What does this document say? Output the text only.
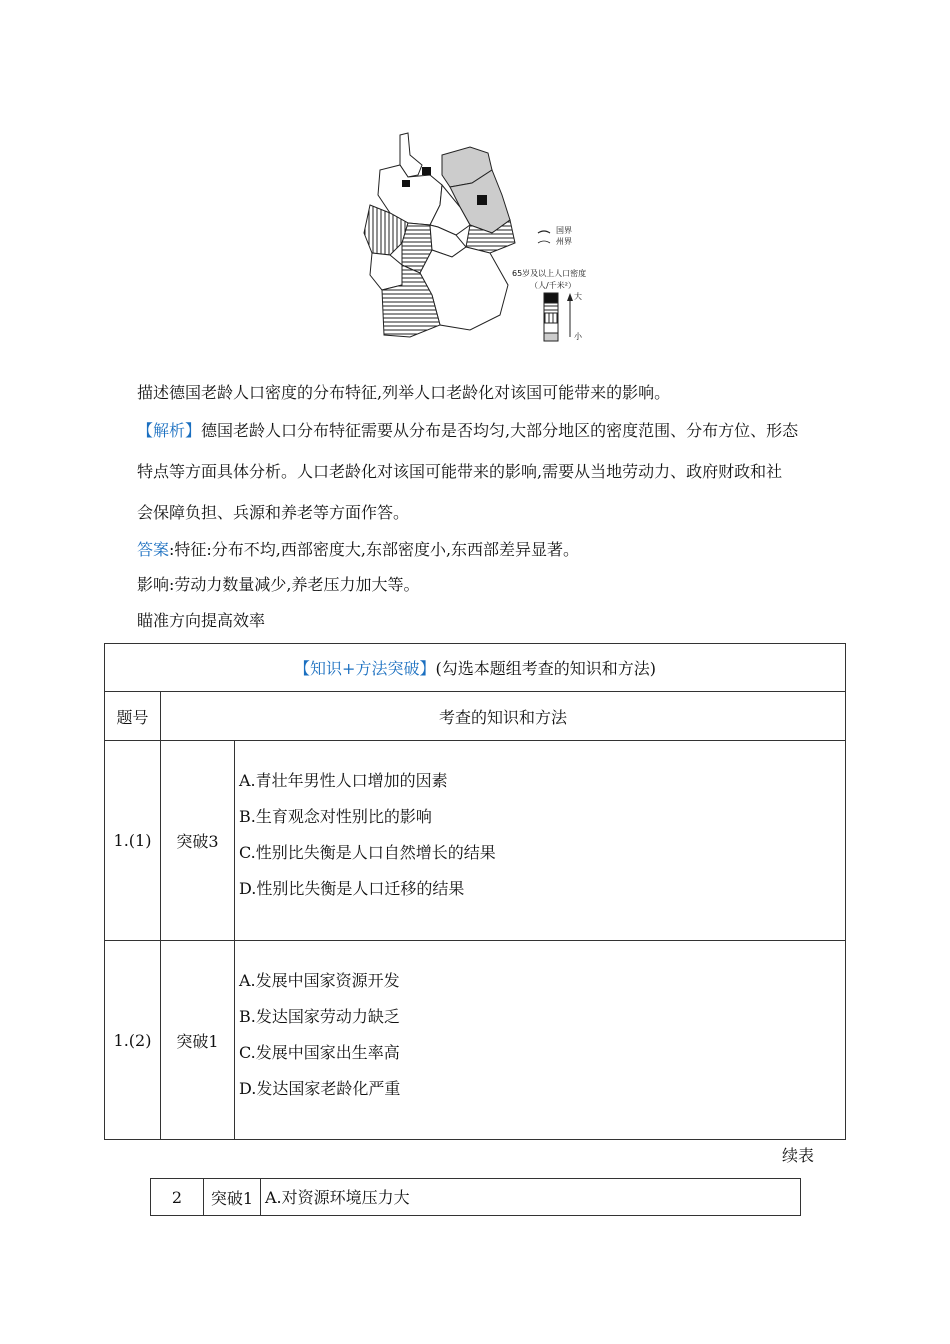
国界
州界
65岁及以上人口密度
（人/千米²）
大
小
描述德国老龄人口密度的分布特征,列举人口老龄化对该国可能带来的影响。
【解析】德国老龄人口分布特征需要从分布是否均匀,大部分地区的密度范围、分布方位、形态
特点等方面具体分析。人口老龄化对该国可能带来的影响,需要从当地劳动力、政府财政和社
会保障负担、兵源和养老等方面作答。
答案:特征:分布不均,西部密度大,东部密度小,东西部差异显著。
影响:劳动力数量减少,养老压力加大等。
瞄准方向提高效率
【知识+方法突破】(勾选本题组考查的知识和方法)		
题号	考查的知识和方法	
1.(1)	突破3	A.青壮年男性人口增加的因素
B.生育观念对性别比的影响
C.性别比失衡是人口自然增长的结果
D.性别比失衡是人口迁移的结果

1.(2)	突破1	A.发展中国家资源开发
B.发达国家劳动力缺乏
C.发展中国家出生率高
D.发达国家老龄化严重
续表
2	突破1	A.对资源环境压力大
